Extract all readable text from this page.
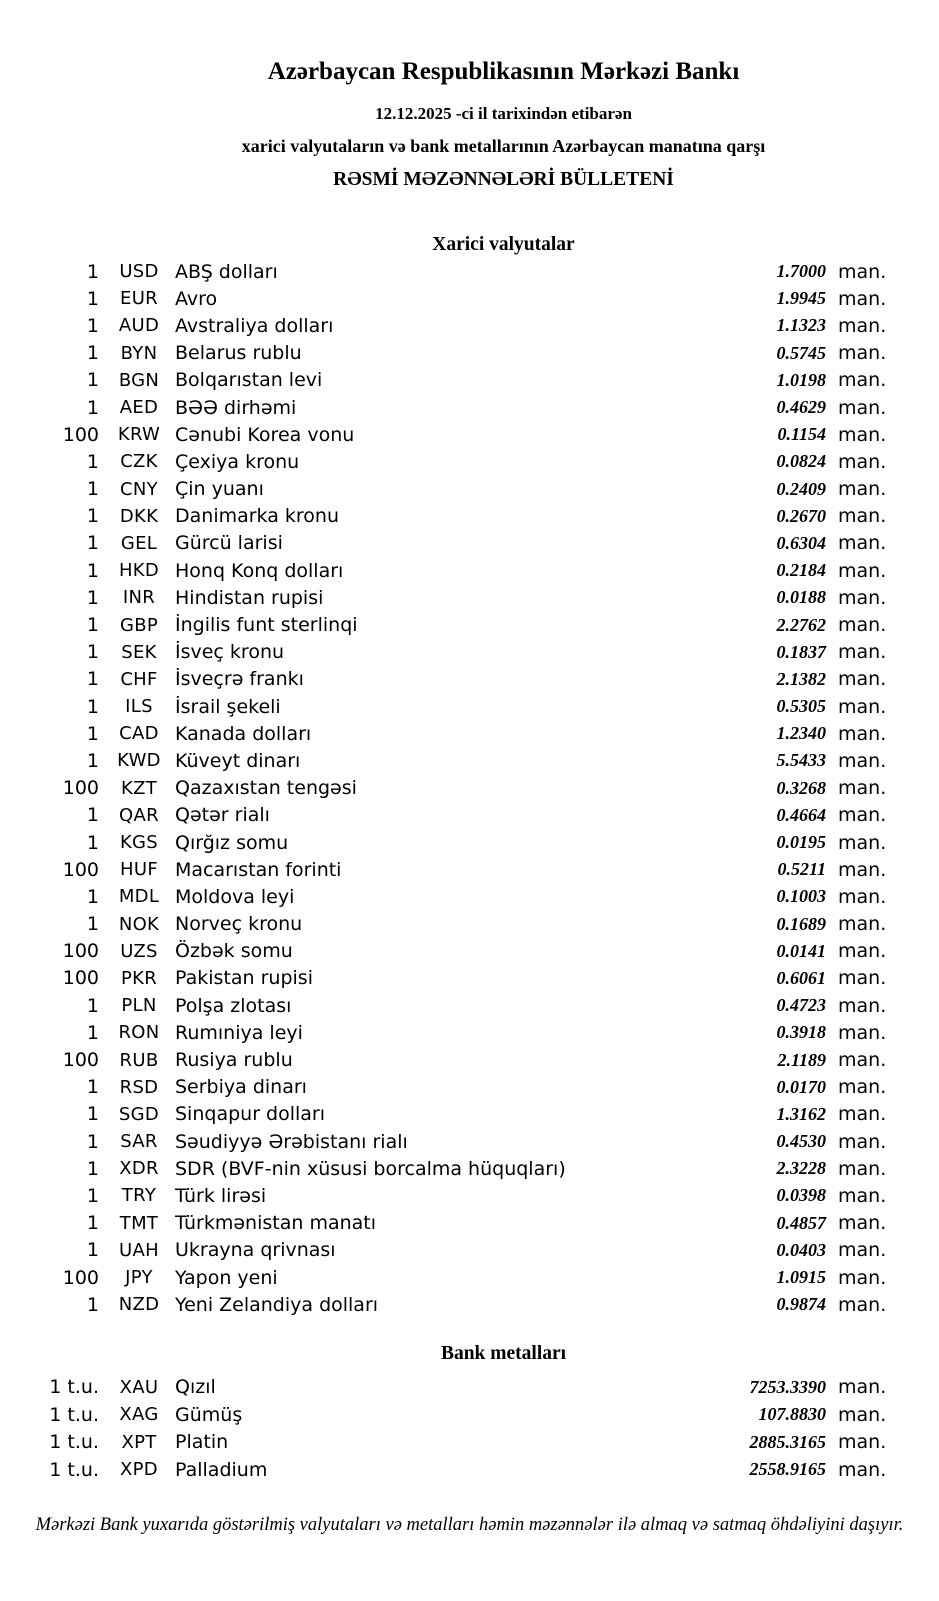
Azərbaycan Respublikasının Mərkəzi Bankı
12.12.2025 -ci il tarixindən etibarən
xarici valyutaların və bank metallarının Azərbaycan manatına qarşı
RƏSMİ MƏZƏNNƏLƏRİ BÜLLETENİ
Xarici valyutalar
1	USD ABŞ dolları	1.7000 man.
1	EUR Avro	1.9945 man.
1	AUD Avstraliya dolları	1.1323 man.
1	BYN Belarus rublu	0.5745 man.
1	BGN Bolqarıstan levi	1.0198 man.
1	AED BƏƏ dirhəmi	0.4629 man.
100	KRW Cənubi Korea vonu	0.1154 man.
1	CZK Çexiya kronu	0.0824 man.
1	CNY Çin yuanı	0.2409 man.
1	DKK Danimarka kronu	0.2670 man.
1	GEL Gürcü larisi	0.6304 man.
1	HKD Honq Konq dolları	0.2184 man.
1	INR	Hindistan rupisi	0.0188 man.
1	GBP İngilis funt sterlinqi	2.2762 man.
1	SEK İsveç kronu	0.1837 man.
1	CHF İsveçrə frankı	2.1382 man.
1	ILS	İsrail şekeli	0.5305 man.
1	CAD Kanada dolları	1.2340 man.
1	KWD Küveyt dinarı	5.5433 man.
100	KZT Qazaxıstan tengəsi	0.3268 man.
1	QAR Qətər rialı	0.4664 man.
1	KGS Qırğız somu	0.0195 man.
100	HUF Macarıstan forinti	0.5211 man.
1	MDL Moldova leyi	0.1003 man.
1	NOK Norveç kronu	0.1689 man.
100	UZS Özbək somu	0.0141 man.
100	PKR Pakistan rupisi	0.6061 man.
1	PLN Polşa zlotası	0.4723 man.
1	RON Rumıniya leyi	0.3918 man.
100	RUB Rusiya rublu	2.1189 man.
1	RSD Serbiya dinarı	0.0170 man.
1	SGD Sinqapur dolları	1.3162 man.
1	SAR Səudiyyə Ərəbistanı rialı	0.4530 man.
1	XDR SDR (BVF-nin xüsusi borcalma hüquqları)	2.3228 man.
1	TRY Türk lirəsi	0.0398 man.
1	TMT Türkmənistan manatı	0.4857 man.
1	UAH Ukrayna qrivnası	0.0403 man.
100	JPY	Yapon yeni	1.0915 man.
1	NZD Yeni Zelandiya dolları	0.9874 man.
Bank metalları
1 t.u.	XAU Qızıl	7253.3390 man.
1 t.u.	XAG Gümüş	107.8830 man.
1 t.u.	XPT Platin	2885.3165 man.
1 t.u.	XPD Palladium	2558.9165 man.

Mərkəzi Bank yuxarıda göstərilmiş valyutaları və metalları həmin məzənnələr ilə almaq və satmaq öhdəliyini daşıyır.
